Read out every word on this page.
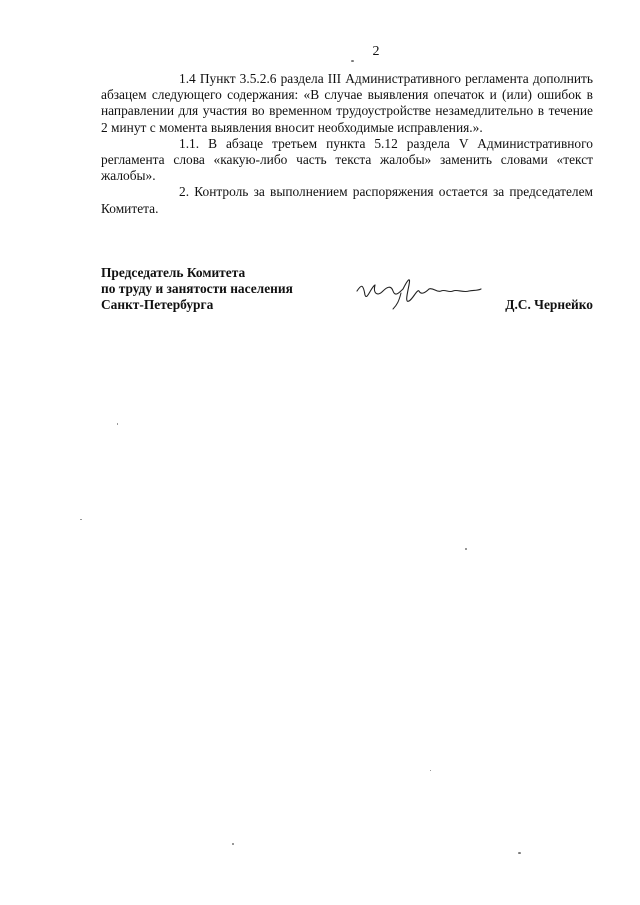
2

1.4 Пункт 3.5.2.6 раздела III Административного регламента дополнить абзацем следующего содержания: «В случае выявления опечаток и (или) ошибок в направлении для участия во временном трудоустройстве незамедлительно в течение 2 минут с момента выявления вносит необходимые исправления.».

1.1. В абзаце третьем пункта 5.12 раздела V Административного регламента слова «какую-либо часть текста жалобы» заменить словами «текст жалобы».

2. Контроль за выполнением распоряжения остается за председателем Комитета.

Председатель Комитета
по труду и занятости населения
Санкт-Петербурга	Д.С. Чернейко
